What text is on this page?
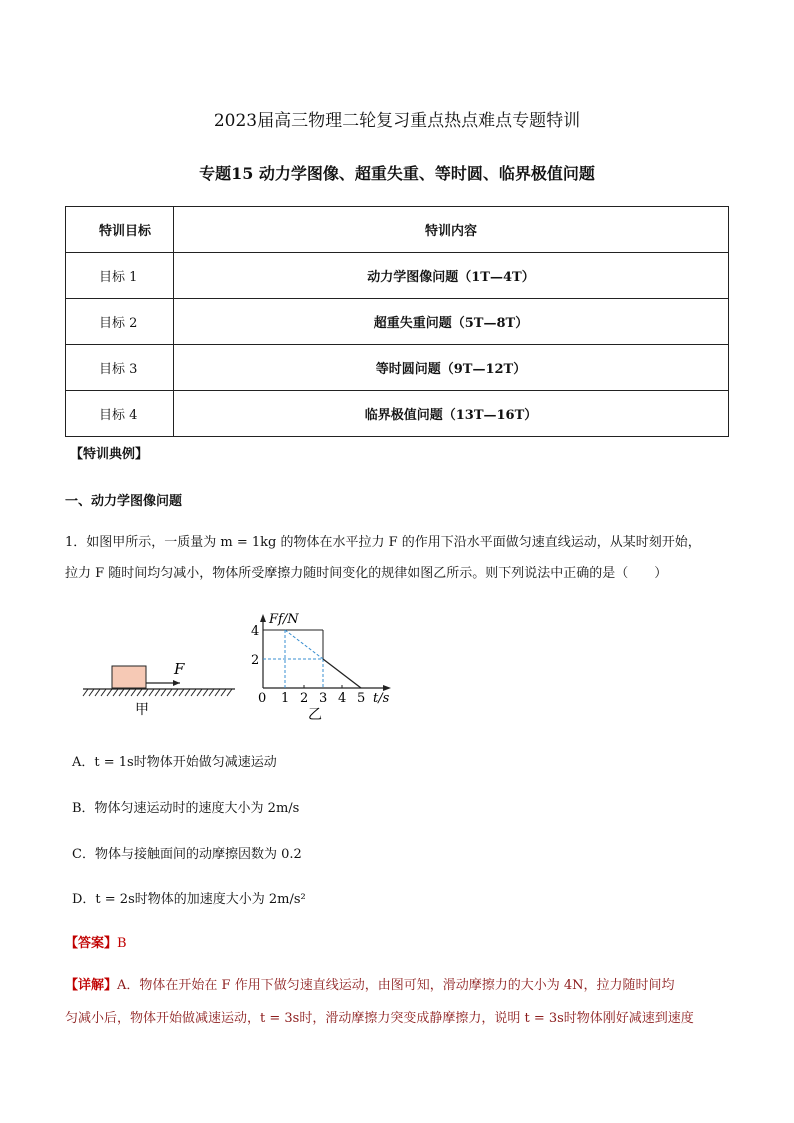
2023届高三物理二轮复习重点热点难点专题特训
专题15 动力学图像、超重失重、等时圆、临界极值问题
特训目标	特训内容
目标 1	动力学图像问题（1T—4T）
目标 2	超重失重问题（5T—8T）
目标 3	等时圆问题（9T—12T）
目标 4	临界极值问题（13T—16T）
【特训典例】
一、动力学图像问题
1．如图甲所示，一质量为 m = 1kg 的物体在水平拉力 F 的作用下沿水平面做匀速直线运动，从某时刻开始，
拉力 F 随时间均匀减小，物体所受摩擦力随时间变化的规律如图乙所示。则下列说法中正确的是（　　）
F
甲
Ff/N
4
2
0 1 2 3 4 5 t/s
乙
A．t = 1s时物体开始做匀减速运动
B．物体匀速运动时的速度大小为 2m/s
C．物体与接触面间的动摩擦因数为 0.2
D．t = 2s时物体的加速度大小为 2m/s²
【答案】B
【详解】A．物体在开始在 F 作用下做匀速直线运动，由图可知，滑动摩擦力的大小为 4N，拉力随时间均
匀减小后，物体开始做减速运动，t = 3s时，滑动摩擦力突变成静摩擦力，说明 t = 3s时物体刚好减速到速度
